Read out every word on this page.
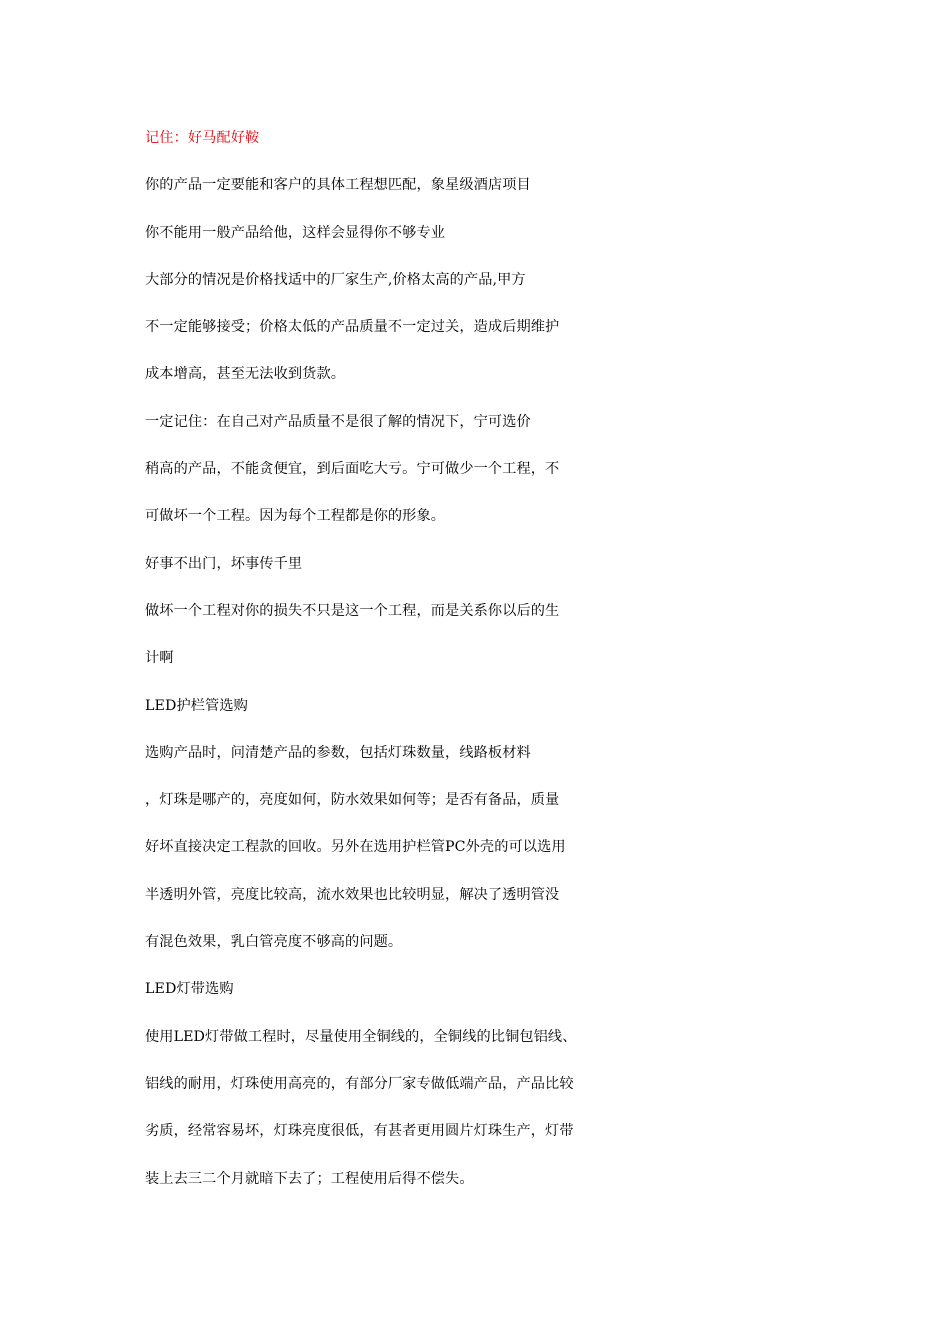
记住：好马配好鞍
你的产品一定要能和客户的具体工程想匹配，象星级酒店项目
你不能用一般产品给他，这样会显得你不够专业
大部分的情况是价格找适中的厂家生产,价格太高的产品,甲方
不一定能够接受；价格太低的产品质量不一定过关，造成后期维护
成本增高，甚至无法收到货款。
一定记住：在自己对产品质量不是很了解的情况下，宁可选价
稍高的产品，不能贪便宜，到后面吃大亏。宁可做少一个工程，不
可做坏一个工程。因为每个工程都是你的形象。
好事不出门，坏事传千里
做坏一个工程对你的损失不只是这一个工程，而是关系你以后的生
计啊
LED护栏管选购
选购产品时，问清楚产品的参数，包括灯珠数量，线路板材料
，灯珠是哪产的，亮度如何，防水效果如何等；是否有备品，质量
好坏直接决定工程款的回收。另外在选用护栏管PC外壳的可以选用
半透明外管，亮度比较高，流水效果也比较明显，解决了透明管没
有混色效果，乳白管亮度不够高的问题。
LED灯带选购
使用LED灯带做工程时，尽量使用全铜线的，全铜线的比铜包铝线、
铝线的耐用，灯珠使用高亮的，有部分厂家专做低端产品，产品比较
劣质，经常容易坏，灯珠亮度很低，有甚者更用圆片灯珠生产，灯带
装上去三二个月就暗下去了；工程使用后得不偿失。
